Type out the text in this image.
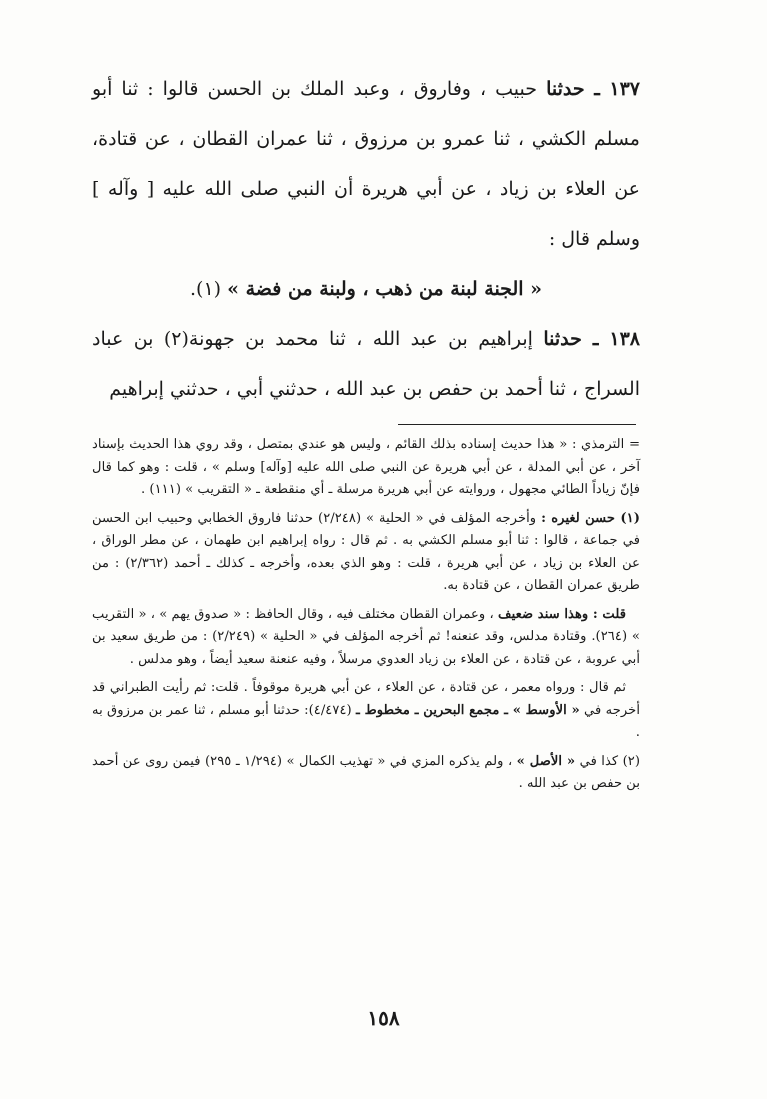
١٣٧ ـ حدثنا حبيب ، وفاروق ، وعبد الملك بن الحسن قالوا : ثنا أبو مسلم الكشي ، ثنا عمرو بن مرزوق ، ثنا عمران القطان ، عن قتادة، عن العلاء بن زياد ، عن أبي هريرة أن النبي صلى الله عليه [ وآله ] وسلم قال :

« الجنة لبنة من ذهب ، ولبنة من فضة » (١).

١٣٨ ـ حدثنا إبراهيم بن عبد الله ، ثنا محمد بن جهونة(٢) بن عباد السراج ، ثنا أحمد بن حفص بن عبد الله ، حدثني أبي ، حدثني إبراهيم

= الترمذي : « هذا حديث إسناده بذلك القائم ، وليس هو عندي بمتصل ، وقد روي هذا الحديث بإسناد آخر ، عن أبي المدلة ، عن أبي هريرة عن النبي صلى الله عليه [وآله] وسلم » ، قلت : وهو كما قال فإنّ زياداً الطائي مجهول ، وروايته عن أبي هريرة مرسلة ـ أي منقطعة ـ « التقريب » (١١١) .

(١) حسن لغيره : وأخرجه المؤلف في « الحلية » (٢/٢٤٨) حدثنا فاروق الخطابي وحبيب ابن الحسن في جماعة ، قالوا : ثنا أبو مسلم الكشي به . ثم قال : رواه إبراهيم ابن طهمان ، عن مطر الوراق ، عن العلاء بن زياد ، عن أبي هريرة ، قلت : وهو الذي بعده، وأخرجه ـ كذلك ـ أحمد (٢/٣٦٢) : من طريق عمران القطان ، عن قتادة به.

قلت : وهذا سند ضعيف ، وعمران القطان مختلف فيه ، وقال الحافظ : « صدوق يهم » ، « التقريب » (٢٦٤). وقتادة مدلس، وقد عنعنه! ثم أخرجه المؤلف في « الحلية » (٢/٢٤٩) : من طريق سعيد بن أبي عروبة ، عن قتادة ، عن العلاء بن زياد العدوي مرسلاً ، وفيه عنعنة سعيد أيضاً ، وهو مدلس .

ثم قال : ورواه معمر ، عن قتادة ، عن العلاء ، عن أبي هريرة موقوفاً . قلت: ثم رأيت الطبراني قد أخرجه في « الأوسط » ـ مجمع البحرين ـ مخطوط ـ (٤/٤٧٤): حدثنا أبو مسلم ، ثنا عمر بن مرزوق به .

(٢) كذا في « الأصل » ، ولم يذكره المزي في « تهذيب الكمال » (١/٢٩٤ ـ ٢٩٥) فيمن روى عن أحمد بن حفص بن عبد الله .

١٥٨
